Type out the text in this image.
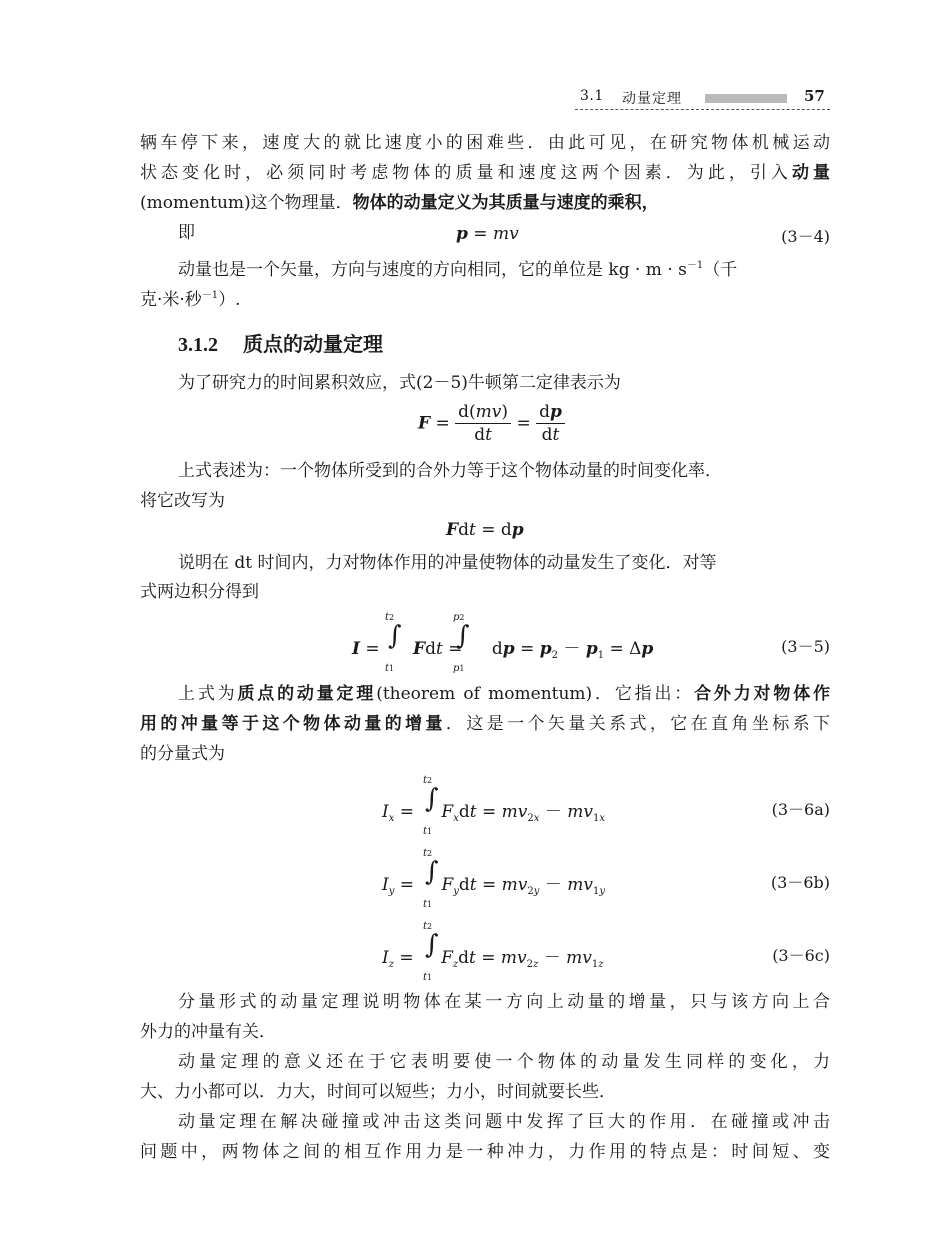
3.1 动量定理	57
辆车停下来，速度大的就比速度小的困难些．由此可见，在研究物体机械运动
状态变化时，必须同时考虑物体的质量和速度这两个因素．为此，引入动量
(momentum)这个物理量．物体的动量定义为其质量与速度的乘积，
即	p = mv	(3－4)
动量也是一个矢量，方向与速度的方向相同，它的单位是 kg · $m \cdot s^{-1}$（千
克·米·秒$^{-1}$）.
3.1.2 质点的动量定理
为了研究力的时间累积效应，式(2－5)牛顿第二定律表示为
$F = \frac{d(mv)}{dt} = \frac{dp}{dt}$
上式表述为：一个物体所受到的合外力等于这个物体动量的时间变化率．
将它改写为
Fdt = dp
说明在 dt 时间内，力对物体作用的冲量使物体的动量发生了变化．对等
式两边积分得到
t2	p2
∫ ∫
t1	p1
I = Fdt = dp = $p_2 - p_1 = \Delta p$	(3－5)
上式为质点的动量定理(theorem of momentum)．它指出：合外力对物体作
用的冲量等于这个物体动量的增量．这是一个矢量关系式，它在直角坐标系下
的分量式为
t2
∫
t1
$I_x = F_xdt = mv_{2x} - mv_{1x}$	(3－6a)
t2
∫
t1
$I_y = F_ydt = mv_{2y} - mv_{1y}$	(3－6b)
t2
∫
t1
$I_z = F_zdt = mv_{2z} - mv_{1z}$	(3－6c)
分量形式的动量定理说明物体在某一方向上动量的增量，只与该方向上合
外力的冲量有关．
动量定理的意义还在于它表明要使一个物体的动量发生同样的变化，力
大、力小都可以．力大，时间可以短些；力小，时间就要长些．
动量定理在解决碰撞或冲击这类问题中发挥了巨大的作用．在碰撞或冲击
问题中，两物体之间的相互作用力是一种冲力，力作用的特点是：时间短、变
